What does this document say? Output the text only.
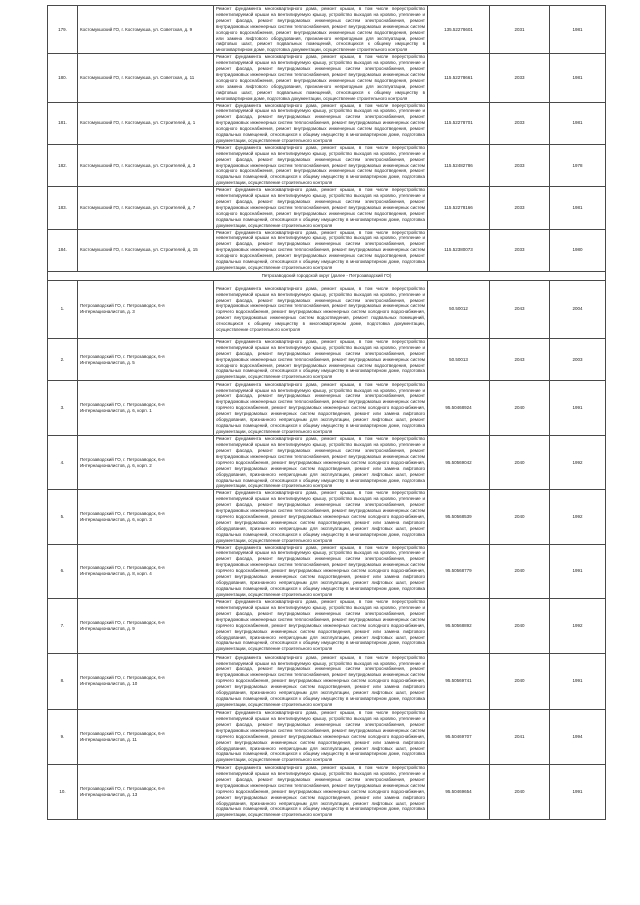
179.	Костомукшский ГО, г. Костомукша, ул. Советская, д. 9	Ремонт фундамента многоквартирного дома, ремонт крыши, в том числе переустройство невентилируемой крыши на вентилируемую крышу, устройство выходов на кровлю, утепление и ремонт фасада, ремонт внутридомовых инженерных систем электроснабжения, ремонт внутридомовых инженерных систем теплоснабжения, ремонт внутридомовых инженерных систем холодного водоснабжения, ремонт внутридомовых инженерных систем водоотведения, ремонт или замена лифтового оборудования, признанного непригодным для эксплуатации, ремонт лифтовых шахт, ремонт подвальных помещений, относящихся к общему имуществу в многоквартирном доме, подготовка документации, осуществление строительного контроля	135.52278601	2031	1981
180.	Костомукшский ГО, г. Костомукша, ул. Советская, д. 11	Ремонт фундамента многоквартирного дома, ремонт крыши, в том числе переустройство невентилируемой крыши на вентилируемую крышу, устройство выходов на кровлю, утепление и ремонт фасада, ремонт внутридомовых инженерных систем электроснабжения, ремонт внутридомовых инженерных систем теплоснабжения, ремонт внутридомовых инженерных систем холодного водоснабжения, ремонт внутридомовых инженерных систем водоотведения, ремонт или замена лифтового оборудования, признанного непригодным для эксплуатации, ремонт лифтовых шахт, ремонт подвальных помещений, относящихся к общему имуществу в многоквартирном доме, подготовка документации, осуществление строительного контроля	115.52278661	2033	1981
181.	Костомукшский ГО, г. Костомукша, ул. Строителей, д. 1	Ремонт фундамента многоквартирного дома, ремонт крыши, в том числе переустройство невентилируемой крыши на вентилируемую крышу, устройство выходов на кровлю, утепление и ремонт фасада, ремонт внутридомовых инженерных систем электроснабжения, ремонт внутридомовых инженерных систем теплоснабжения, ремонт внутридомовых инженерных систем холодного водоснабжения, ремонт внутридомовых инженерных систем водоотведения, ремонт подвальных помещений, относящихся к общему имуществу в многоквартирном доме, подготовка документации, осуществление строительного контроля	115.52278701	2033	1981
182.	Костомукшский ГО, г. Костомукша, ул. Строителей, д. 3	Ремонт фундамента многоквартирного дома, ремонт крыши, в том числе переустройство невентилируемой крыши на вентилируемую крышу, устройство выходов на кровлю, утепление и ремонт фасада, ремонт внутридомовых инженерных систем электроснабжения, ремонт внутридомовых инженерных систем теплоснабжения, ремонт внутридомовых инженерных систем холодного водоснабжения, ремонт внутридомовых инженерных систем водоотведения, ремонт подвальных помещений, относящихся к общему имуществу в многоквартирном доме, подготовка документации, осуществление строительного контроля	115.52482786	2033	1978
183.	Костомукшский ГО, г. Костомукша, ул. Строителей, д. 7	Ремонт фундамента многоквартирного дома, ремонт крыши, в том числе переустройство невентилируемой крыши на вентилируемую крышу, устройство выходов на кровлю, утепление и ремонт фасада, ремонт внутридомовых инженерных систем электроснабжения, ремонт внутридомовых инженерных систем теплоснабжения, ремонт внутридомовых инженерных систем холодного водоснабжения, ремонт внутридомовых инженерных систем водоотведения, ремонт подвальных помещений, относящихся к общему имуществу в многоквартирном доме, подготовка документации, осуществление строительного контроля	115.52278166	2033	1981
184.	Костомукшский ГО, г. Костомукша, ул. Строителей, д. 15	Ремонт фундамента многоквартирного дома, ремонт крыши, в том числе переустройство невентилируемой крыши на вентилируемую крышу, устройство выходов на кровлю, утепление и ремонт фасада, ремонт внутридомовых инженерных систем электроснабжения, ремонт внутридомовых инженерных систем теплоснабжения, ремонт внутридомовых инженерных систем холодного водоснабжения, ремонт внутридомовых инженерных систем водоотведения, ремонт подвальных помещений, относящихся к общему имуществу в многоквартирном доме, подготовка документации, осуществление строительного контроля	115.52380073	2033	1980
Петрозаводский городской округ (далее - Петрозаводский ГО)					
1.	Петрозаводский ГО, г. Петрозаводск, 6-я Интернационалистов, д. 3	Ремонт фундамента многоквартирного дома, ремонт крыши, в том числе переустройство невентилируемой крыши на вентилируемую крышу, устройство выходов на кровлю, утепление и ремонт фасада, ремонт внутридомовых инженерных систем электроснабжения, ремонт внутридомовых инженерных систем теплоснабжения, ремонт внутридомовых инженерных систем горячего водоснабжения, ремонт внутридомовых инженерных систем холодного водоснабжения, ремонт внутридомовых инженерных систем водоотведения, ремонт подвальных помещений, относящихся к общему имуществу в многоквартирном доме, подготовка документации, осуществление строительного контроля	50.50012	2043	2004
2.	Петрозаводский ГО, г. Петрозаводск, 6-я Интернационалистов, д. 5	Ремонт фундамента многоквартирного дома, ремонт крыши, в том числе переустройство невентилируемой крыши на вентилируемую крышу, устройство выходов на кровлю, утепление и ремонт фасада, ремонт внутридомовых инженерных систем электроснабжения, ремонт внутридомовых инженерных систем теплоснабжения, ремонт внутридомовых инженерных систем холодного водоснабжения, ремонт внутридомовых инженерных систем водоотведения, ремонт подвальных помещений, относящихся к общему имуществу в многоквартирном доме, подготовка документации, осуществление строительного контроля	50.50013	2043	2003
3.	Петрозаводский ГО, г. Петрозаводск, 6-я Интернационалистов, д. 6, корп. 1	Ремонт фундамента многоквартирного дома, ремонт крыши, в том числе переустройство невентилируемой крыши на вентилируемую крышу, устройство выходов на кровлю, утепление и ремонт фасада, ремонт внутридомовых инженерных систем электроснабжения, ремонт внутридомовых инженерных систем теплоснабжения, ремонт внутридомовых инженерных систем горячего водоснабжения, ремонт внутридомовых инженерных систем холодного водоснабжения, ремонт внутридомовых инженерных систем водоотведения, ремонт или замена лифтового оборудования, признанного непригодным для эксплуатации, ремонт лифтовых шахт, ремонт подвальных помещений, относящихся к общему имуществу в многоквартирном доме, подготовка документации, осуществление строительного контроля	95.50468924	2040	1991
4.	Петрозаводский ГО, г. Петрозаводск, 6-я Интернационалистов, д. 6, корп. 2	Ремонт фундамента многоквартирного дома, ремонт крыши, в том числе переустройство невентилируемой крыши на вентилируемую крышу, устройство выходов на кровлю, утепление и ремонт фасада, ремонт внутридомовых инженерных систем электроснабжения, ремонт внутридомовых инженерных систем теплоснабжения, ремонт внутридомовых инженерных систем горячего водоснабжения, ремонт внутридомовых инженерных систем холодного водоснабжения, ремонт внутридомовых инженерных систем водоотведения, ремонт или замена лифтового оборудования, признанного непригодным для эксплуатации, ремонт лифтовых шахт, ремонт подвальных помещений, относящихся к общему имуществу в многоквартирном доме, подготовка документации, осуществление строительного контроля	95.50569042	2040	1992
5.	Петрозаводский ГО, г. Петрозаводск, 6-я Интернационалистов, д. 6, корп. 3	Ремонт фундамента многоквартирного дома, ремонт крыши, в том числе переустройство невентилируемой крыши на вентилируемую крышу, устройство выходов на кровлю, утепление и ремонт фасада, ремонт внутридомовых инженерных систем электроснабжения, ремонт внутридомовых инженерных систем теплоснабжения, ремонт внутридомовых инженерных систем горячего водоснабжения, ремонт внутридомовых инженерных систем холодного водоснабжения, ремонт внутридомовых инженерных систем водоотведения, ремонт или замена лифтового оборудования, признанного непригодным для эксплуатации, ремонт лифтовых шахт, ремонт подвальных помещений, относящихся к общему имуществу в многоквартирном доме, подготовка документации, осуществление строительного контроля	95.50568539	2040	1992
6.	Петрозаводский ГО, г. Петрозаводск, 6-я Интернационалистов, д. 8, корп. 4	Ремонт фундамента многоквартирного дома, ремонт крыши, в том числе переустройство невентилируемой крыши на вентилируемую крышу, устройство выходов на кровлю, утепление и ремонт фасада, ремонт внутридомовых инженерных систем электроснабжения, ремонт внутридомовых инженерных систем теплоснабжения, ремонт внутридомовых инженерных систем горячего водоснабжения, ремонт внутридомовых инженерных систем холодного водоснабжения, ремонт внутридомовых инженерных систем водоотведения, ремонт или замена лифтового оборудования, признанного непригодным для эксплуатации, ремонт лифтовых шахт, ремонт подвальных помещений, относящихся к общему имуществу в многоквартирном доме, подготовка документации, осуществление строительного контроля	95.50568779	2040	1991
7.	Петрозаводский ГО, г. Петрозаводск, 6-я Интернационалистов, д. 9	Ремонт фундамента многоквартирного дома, ремонт крыши, в том числе переустройство невентилируемой крыши на вентилируемую крышу, устройство выходов на кровлю, утепление и ремонт фасада, ремонт внутридомовых инженерных систем электроснабжения, ремонт внутридомовых инженерных систем теплоснабжения, ремонт внутридомовых инженерных систем горячего водоснабжения, ремонт внутридомовых инженерных систем холодного водоснабжения, ремонт внутридомовых инженерных систем водоотведения, ремонт или замена лифтового оборудования, признанного непригодным для эксплуатации, ремонт лифтовых шахт, ремонт подвальных помещений, относящихся к общему имуществу в многоквартирном доме, подготовка документации, осуществление строительного контроля	95.50568892	2040	1992
8.	Петрозаводский ГО, г. Петрозаводск, 6-я Интернационалистов, д. 10	Ремонт фундамента многоквартирного дома, ремонт крыши, в том числе переустройство невентилируемой крыши на вентилируемую крышу, устройство выходов на кровлю, утепление и ремонт фасада, ремонт внутридомовых инженерных систем электроснабжения, ремонт внутридомовых инженерных систем теплоснабжения, ремонт внутридомовых инженерных систем горячего водоснабжения, ремонт внутридомовых инженерных систем холодного водоснабжения, ремонт внутридомовых инженерных систем водоотведения, ремонт или замена лифтового оборудования, признанного непригодным для эксплуатации, ремонт лифтовых шахт, ремонт подвальных помещений, относящихся к общему имуществу в многоквартирном доме, подготовка документации, осуществление строительного контроля	95.50569741	2040	1991
9.	Петрозаводский ГО, г. Петрозаводск, 6-я Интернационалистов, д. 11	Ремонт фундамента многоквартирного дома, ремонт крыши, в том числе переустройство невентилируемой крыши на вентилируемую крышу, устройство выходов на кровлю, утепление и ремонт фасада, ремонт внутридомовых инженерных систем электроснабжения, ремонт внутридомовых инженерных систем теплоснабжения, ремонт внутридомовых инженерных систем горячего водоснабжения, ремонт внутридомовых инженерных систем холодного водоснабжения, ремонт внутридомовых инженерных систем водоотведения, ремонт или замена лифтового оборудования, признанного непригодным для эксплуатации, ремонт лифтовых шахт, ремонт подвальных помещений, относящихся к общему имуществу в многоквартирном доме, подготовка документации, осуществление строительного контроля	95.50469707	2041	1994
10.	Петрозаводский ГО, г. Петрозаводск, 6-я Интернационалистов, д. 13	Ремонт фундамента многоквартирного дома, ремонт крыши, в том числе переустройство невентилируемой крыши на вентилируемую крышу, устройство выходов на кровлю, утепление и ремонт фасада, ремонт внутридомовых инженерных систем электроснабжения, ремонт внутридомовых инженерных систем теплоснабжения, ремонт внутридомовых инженерных систем горячего водоснабжения, ремонт внутридомовых инженерных систем холодного водоснабжения, ремонт внутридомовых инженерных систем водоотведения, ремонт или замена лифтового оборудования, признанного непригодным для эксплуатации, ремонт лифтовых шахт, ремонт подвальных помещений, относящихся к общему имуществу в многоквартирном доме, подготовка документации, осуществление строительного контроля	95.50469654	2040	1991
